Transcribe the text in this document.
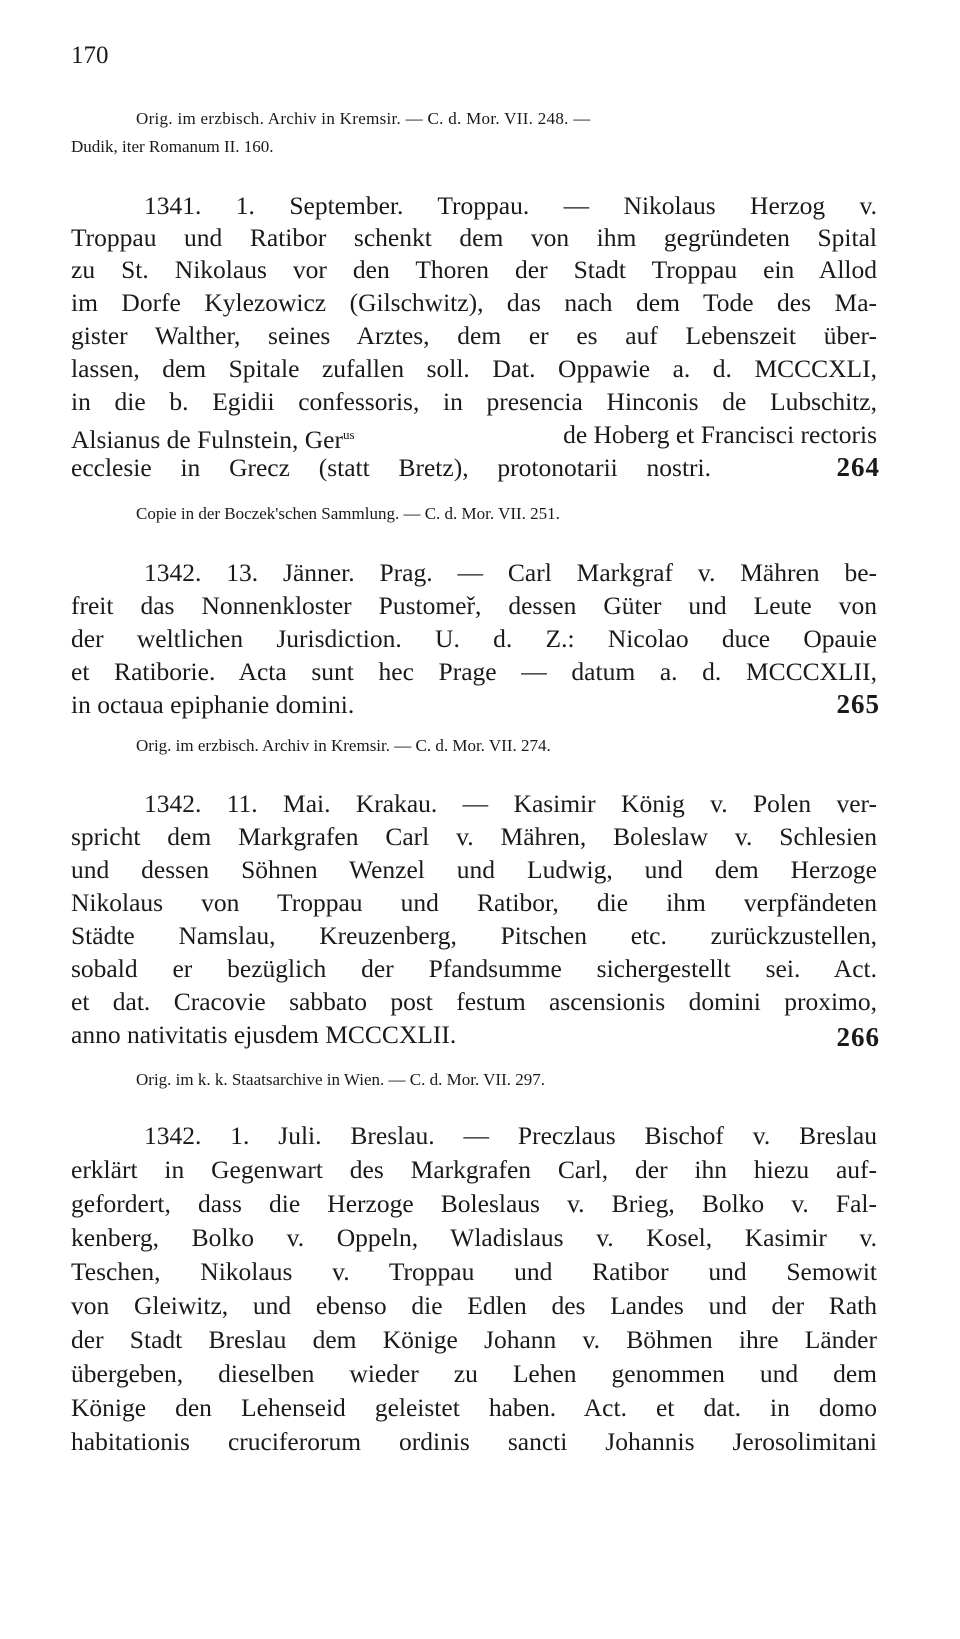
170
Orig. im erzbisch. Archiv in Kremsir. — C. d. Mor. VII. 248. —
Dudik, iter Romanum II. 160.
1341. 1. September. Troppau. — Nikolaus Herzog v.
Troppau und Ratibor schenkt dem von ihm gegründeten Spital
zu St. Nikolaus vor den Thoren der Stadt Troppau ein Allod
im Dorfe Kylezowicz (Gilschwitz), das nach dem Tode des Ma-
gister Walther, seines Arztes, dem er es auf Lebenszeit über-
lassen, dem Spitale zufallen soll. Dat. Oppawie a. d. MCCCXLI,
in die b. Egidii confessoris, in presencia Hinconis de Lubschitz,
Alsianus de Fulnstein, Ger$^{us}$	de Hoberg et Francisci rectoris
ecclesie in Grecz (statt Bretz), protonotarii nostri.	264
Copie in der Boczek'schen Sammlung. — C. d. Mor. VII. 251.
1342. 13. Jänner. Prag. — Carl Markgraf v. Mähren be-
freit das Nonnenkloster Pustomeř, dessen Güter und Leute von
der weltlichen Jurisdiction. U. d. Z.: Nicolao duce Opauie
et Ratiborie. Acta sunt hec Prage — datum a. d. MCCCXLII,
in octaua epiphanie domini.	265
Orig. im erzbisch. Archiv in Kremsir. — C. d. Mor. VII. 274.
1342. 11. Mai. Krakau. — Kasimir König v. Polen ver-
spricht dem Markgrafen Carl v. Mähren, Boleslaw v. Schlesien
und dessen Söhnen Wenzel und Ludwig, und dem Herzoge
Nikolaus von Troppau und Ratibor, die ihm verpfändeten
Städte Namslau, Kreuzenberg, Pitschen etc. zurückzustellen,
sobald er bezüglich der Pfandsumme sichergestellt sei. Act.
et dat. Cracovie sabbato post festum ascensionis domini proximo,
anno nativitatis ejusdem MCCCXLII.	266
Orig. im k. k. Staatsarchive in Wien. — C. d. Mor. VII. 297.
1342. 1. Juli. Breslau. — Preczlaus Bischof v. Breslau
erklärt in Gegenwart des Markgrafen Carl, der ihn hiezu auf-
gefordert, dass die Herzoge Boleslaus v. Brieg, Bolko v. Fal-
kenberg, Bolko v. Oppeln, Wladislaus v. Kosel, Kasimir v.
Teschen, Nikolaus v. Troppau und Ratibor und Semowit
von Gleiwitz, und ebenso die Edlen des Landes und der Rath
der Stadt Breslau dem Könige Johann v. Böhmen ihre Länder
übergeben, dieselben wieder zu Lehen genommen und dem
Könige den Lehenseid geleistet haben. Act. et dat. in domo
habitationis cruciferorum ordinis sancti Johannis Jerosolimitani
